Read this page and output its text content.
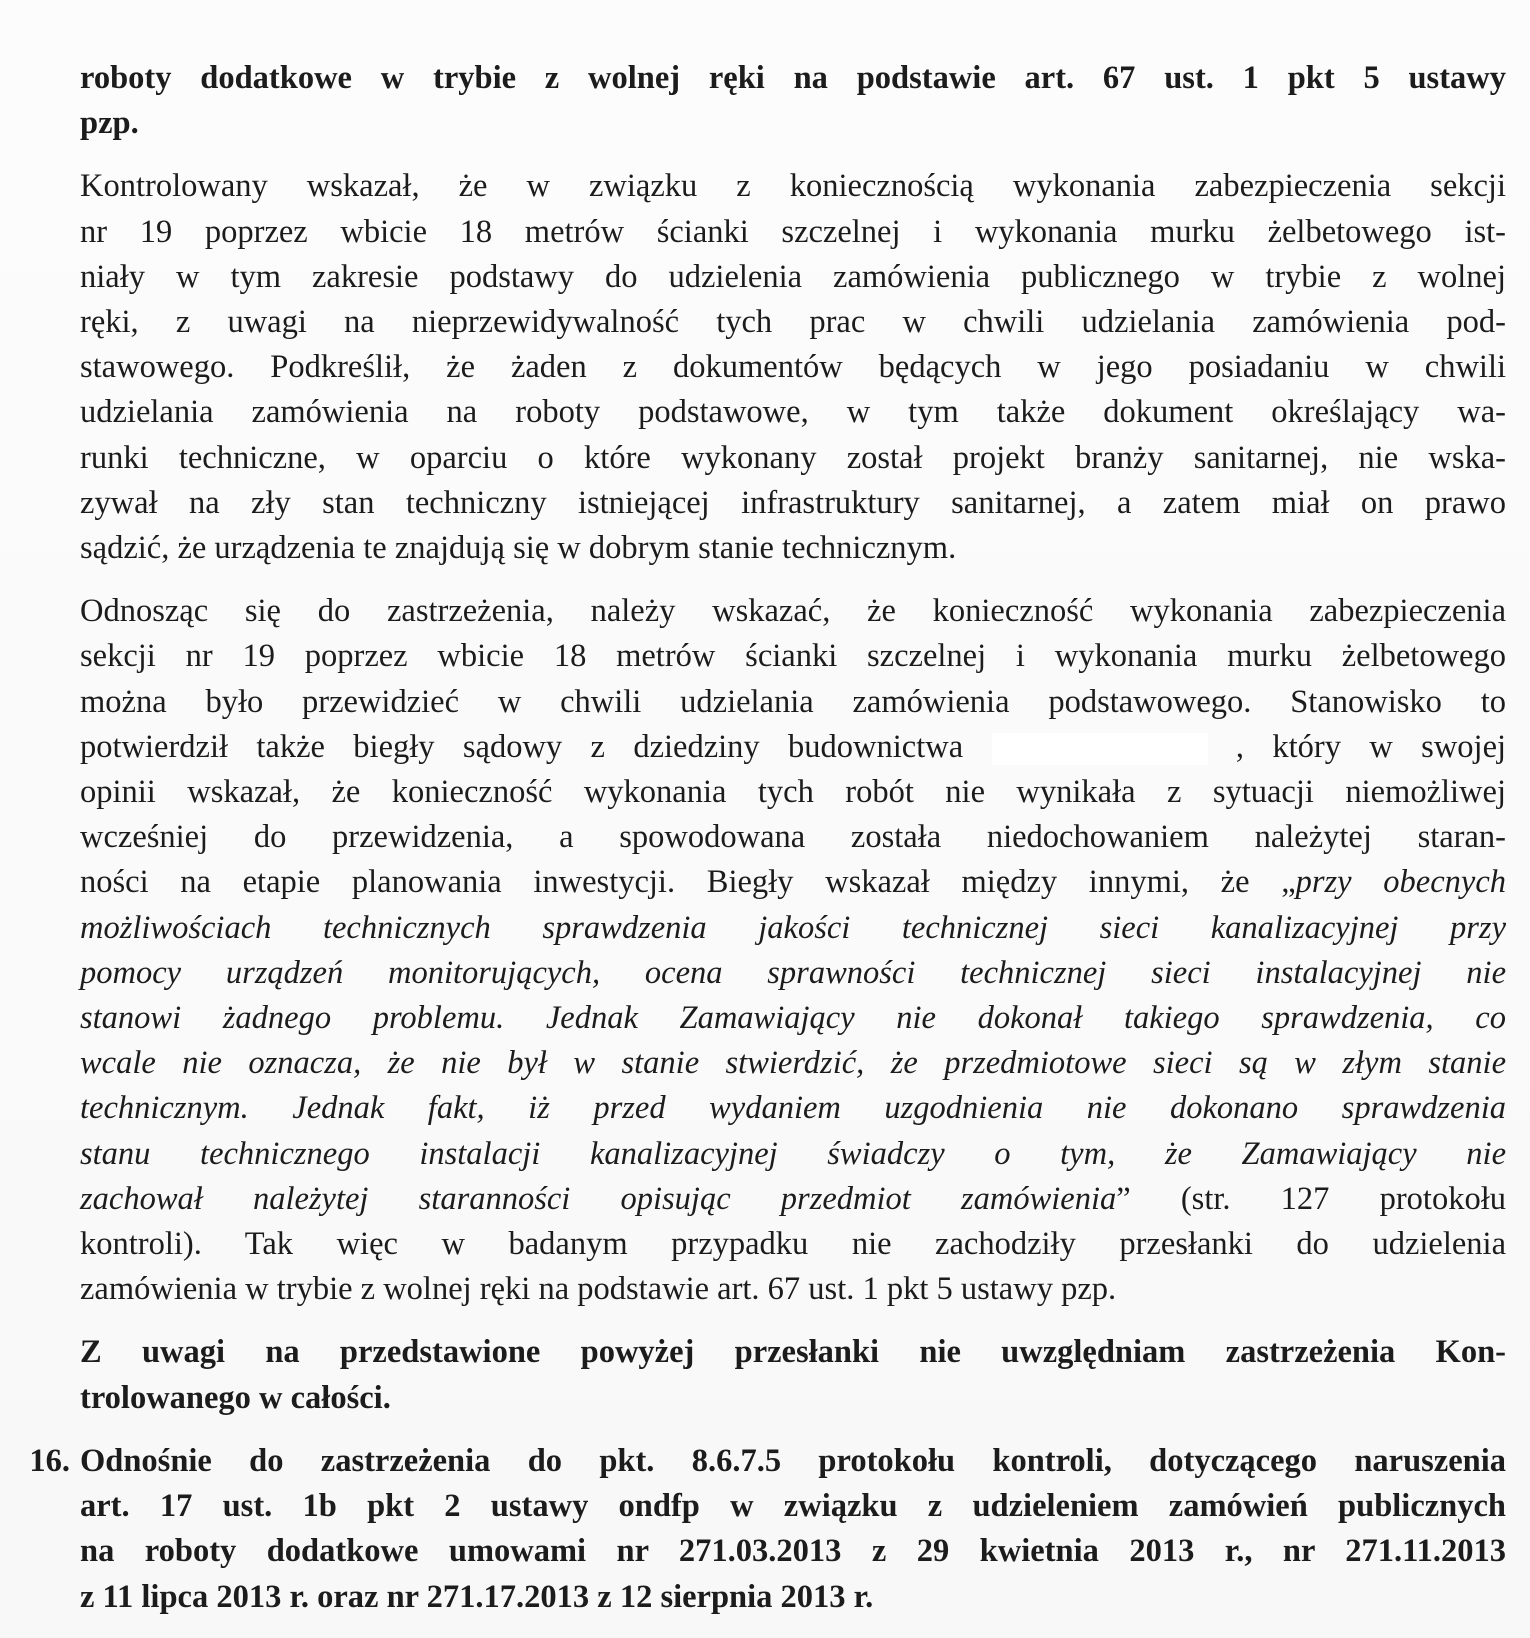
roboty dodatkowe w trybie z wolnej ręki na podstawie art. 67 ust. 1 pkt 5 ustawy
pzp.

Kontrolowany wskazał, że w związku z koniecznością wykonania zabezpieczenia sekcji
nr 19 poprzez wbicie 18 metrów ścianki szczelnej i wykonania murku żelbetowego ist-
niały w tym zakresie podstawy do udzielenia zamówienia publicznego w trybie z wolnej
ręki, z uwagi na nieprzewidywalność tych prac w chwili udzielania zamówienia pod-
stawowego. Podkreślił, że żaden z dokumentów będących w jego posiadaniu w chwili
udzielania zamówienia na roboty podstawowe, w tym także dokument określający wa-
runki techniczne, w oparciu o które wykonany został projekt branży sanitarnej, nie wska-
zywał na zły stan techniczny istniejącej infrastruktury sanitarnej, a zatem miał on prawo
sądzić, że urządzenia te znajdują się w dobrym stanie technicznym.

Odnosząc się do zastrzeżenia, należy wskazać, że konieczność wykonania zabezpieczenia
sekcji nr 19 poprzez wbicie 18 metrów ścianki szczelnej i wykonania murku żelbetowego
można było przewidzieć w chwili udzielania zamówienia podstawowego. Stanowisko to
potwierdził także biegły sądowy z dziedziny budownictwa	, który w swojej
opinii wskazał, że konieczność wykonania tych robót nie wynikała z sytuacji niemożliwej
wcześniej do przewidzenia, a spowodowana została niedochowaniem należytej staran-
ności na etapie planowania inwestycji. Biegły wskazał między innymi, że „przy obecnych
możliwościach technicznych sprawdzenia jakości technicznej sieci kanalizacyjnej przy
pomocy urządzeń monitorujących, ocena sprawności technicznej sieci instalacyjnej nie
stanowi żadnego problemu. Jednak Zamawiający nie dokonał takiego sprawdzenia, co
wcale nie oznacza, że nie był w stanie stwierdzić, że przedmiotowe sieci są w złym stanie
technicznym. Jednak fakt, iż przed wydaniem uzgodnienia nie dokonano sprawdzenia
stanu technicznego instalacji kanalizacyjnej świadczy o tym, że Zamawiający nie
zachował należytej staranności opisując przedmiot zamówienia” (str. 127 protokołu
kontroli). Tak więc w badanym przypadku nie zachodziły przesłanki do udzielenia
zamówienia w trybie z wolnej ręki na podstawie art. 67 ust. 1 pkt 5 ustawy pzp.

Z uwagi na przedstawione powyżej przesłanki nie uwzględniam zastrzeżenia Kon-
trolowanego w całości.

16. Odnośnie do zastrzeżenia do pkt. 8.6.7.5 protokołu kontroli, dotyczącego naruszenia
art. 17 ust. 1b pkt 2 ustawy ondfp w związku z udzieleniem zamówień publicznych
na roboty dodatkowe umowami nr 271.03.2013 z 29 kwietnia 2013 r., nr 271.11.2013
z 11 lipca 2013 r. oraz nr 271.17.2013 z 12 sierpnia 2013 r.
